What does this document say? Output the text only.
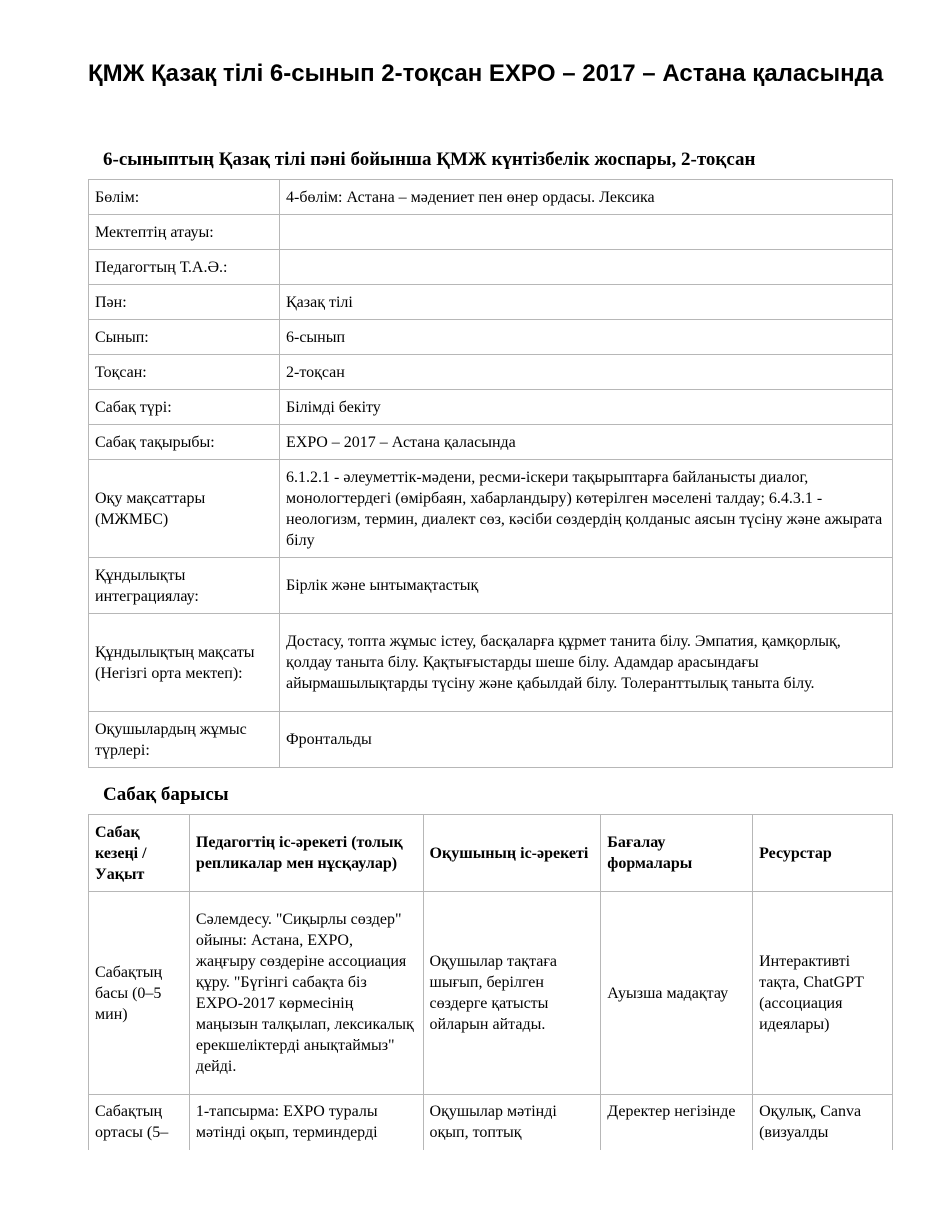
ҚМЖ Қазақ тілі 6-сынып 2-тоқсан EXPO – 2017 – Астана қаласында
6-сыныптың Қазақ тілі пәні бойынша ҚМЖ күнтізбелік жоспары, 2-тоқсан
Бөлім:	4-бөлім: Астана – мәдениет пен өнер ордасы. Лексика
Мектептің атауы:	
Педагогтың Т.А.Ә.:	
Пән:	Қазақ тілі
Сынып:	6-сынып
Тоқсан:	2-тоқсан
Сабақ түрі:	Білімді бекіту
Сабақ тақырыбы:	EXPO – 2017 – Астана қаласында
Оқу мақсаттары (МЖМБС)	6.1.2.1 - әлеуметтік-мәдени, ресми-іскери тақырыптарға байланысты диалог, монологтердегі (өмірбаян, хабарландыру) көтерілген мәселені талдау; 6.4.3.1 - неологизм, термин, диалект сөз, кәсіби сөздердің қолданыс аясын түсіну және ажырата білу
Құндылықты интеграциялау:	Бірлік және ынтымақтастық
Құндылықтың мақсаты (Негізгі орта мектеп):	Достасу, топта жұмыс істеу, басқаларға құрмет танита білу. Эмпатия, қамқорлық, қолдау таныта білу. Қақтығыстарды шеше білу. Адамдар арасындағы айырмашылықтарды түсіну және қабылдай білу. Толеранттылық таныта білу.
Оқушылардың жұмыс түрлері:	Фронтальды
Сабақ барысы
Сабақ кезеңі / Уақыт	Педагогтің іс-әрекеті (толық репликалар мен нұсқаулар)	Оқушының іс-әрекеті	Бағалау формалары	Ресурстар
Сабақтың басы (0–5 мин)	Сәлемдесу. "Сиқырлы сөздер" ойыны: Астана, EXPO, жаңғыру сөздеріне ассоциация құру. "Бүгінгі сабақта біз EXPO-2017 көрмесінің маңызын талқылап, лексикалық ерекшеліктерді анықтаймыз" дейді.	Оқушылар тақтаға шығып, берілген сөздерге қатысты ойларын айтады.	Ауызша мадақтау	Интерактивті тақта, ChatGPT (ассоциация идеялары)
Сабақтың ортасы (5–	1-тапсырма: EXPO туралы мәтінді оқып, терминдерді	Оқушылар мәтінді оқып, топтық	Деректер негізінде	Оқулық, Canva (визуалды
